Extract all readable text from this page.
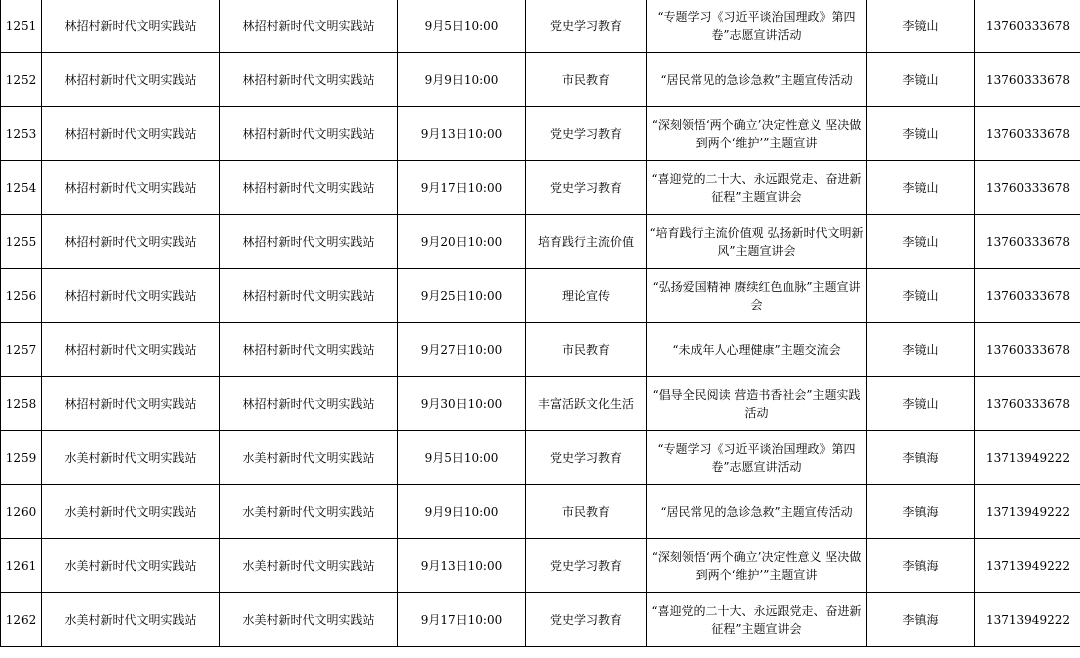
1251	林招村新时代文明实践站	林招村新时代文明实践站	9月5日10:00	党史学习教育	“专题学习《习近平谈治国理政》第四卷”志愿宣讲活动	李镜山	13760333678
1252	林招村新时代文明实践站	林招村新时代文明实践站	9月9日10:00	市民教育	“居民常见的急诊急救”主题宣传活动	李镜山	13760333678
1253	林招村新时代文明实践站	林招村新时代文明实践站	9月13日10:00	党史学习教育	“深刻领悟‘两个确立’决定性意义 坚决做到两个‘维护’”主题宣讲	李镜山	13760333678
1254	林招村新时代文明实践站	林招村新时代文明实践站	9月17日10:00	党史学习教育	“喜迎党的二十大、永远跟党走、奋进新征程”主题宣讲会	李镜山	13760333678
1255	林招村新时代文明实践站	林招村新时代文明实践站	9月20日10:00	培育践行主流价值	“培育践行主流价值观 弘扬新时代文明新风”主题宣讲会	李镜山	13760333678
1256	林招村新时代文明实践站	林招村新时代文明实践站	9月25日10:00	理论宣传	“弘扬爱国精神 赓续红色血脉”主题宣讲会	李镜山	13760333678
1257	林招村新时代文明实践站	林招村新时代文明实践站	9月27日10:00	市民教育	“未成年人心理健康”主题交流会	李镜山	13760333678
1258	林招村新时代文明实践站	林招村新时代文明实践站	9月30日10:00	丰富活跃文化生活	“倡导全民阅读 营造书香社会”主题实践活动	李镜山	13760333678
1259	水美村新时代文明实践站	水美村新时代文明实践站	9月5日10:00	党史学习教育	“专题学习《习近平谈治国理政》第四卷”志愿宣讲活动	李镇海	13713949222
1260	水美村新时代文明实践站	水美村新时代文明实践站	9月9日10:00	市民教育	“居民常见的急诊急救”主题宣传活动	李镇海	13713949222
1261	水美村新时代文明实践站	水美村新时代文明实践站	9月13日10:00	党史学习教育	“深刻领悟‘两个确立’决定性意义 坚决做到两个‘维护’”主题宣讲	李镇海	13713949222
1262	水美村新时代文明实践站	水美村新时代文明实践站	9月17日10:00	党史学习教育	“喜迎党的二十大、永远跟党走、奋进新征程”主题宣讲会	李镇海	13713949222
